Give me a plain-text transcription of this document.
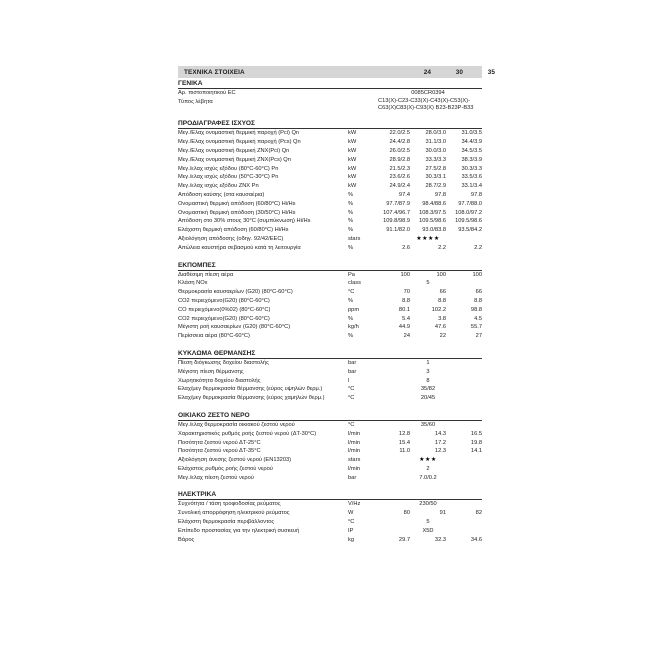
ΤΕΧΝΙΚΑ ΣΤΟΙΧΕΙΑ	24	30	35
ΓΕΝΙΚΑ
Αρ. πιστοποιητικού EC	0085CR0394
Τύπος λέβητα	C13(X)-C23-C33(X)-C43(X)-C53(X)-C63(X)C83(X)-C93(X) B23-B23P-B33
ΠΡΟΔΙΑΓΡΑΦΕΣ ΙΣΧΥΟΣ
Μεγ./Ελαχ ονομαστική θερμική παροχή (Pci) Qn	kW	22.0/2.5	28.0/3.0	31.0/3.5
Μεγ./Ελαχ ονομαστική θερμική παροχή (Pcs) Qn	kW	24.4/2.8	31.1/3.0	34.4/3.9
Μεγ./Ελαχ ονομαστική θερμική ZNX(Pci) Qn	kW	26.0/2.5	30.0/3.0	34.5/3.5
Μεγ./Ελαχ ονομαστική θερμική ZNX(Pcs) Qn	kW	28.9/2.8	33.3/3.3	38.3/3.9
Μεγ./ελαχ ισχύς εξόδου (80°C-60°C) Pn	kW	21.5/2.3	27.5/2.8	30.3/3.3
Μεγ./ελαχ ισχύς εξόδου (50°C-30°C) Pn	kW	23.6/2.6	30.3/3.1	33.5/3.6
Μεγ./ελαχ ισχύς εξόδου ZNX Pn	kW	24.9/2.4	28.7/2.9	33.1/3.4
Απόδοση καύσης (στα καυσαέρια)	%	97.4	97.8	97.8
Ονομαστική θερμική απόδοση (60/80°C) Hi/Hs	%	97.7/87.9	98.4/88.6	97.7/88.0
Ονομαστική θερμική απόδοση (30/50°C) Hi/Hs	%	107.4/96.7	108.3/97.5	108.0/97.2
Απόδοση στο 30% στους 30°C (συμπύκνωση) Hi/Hs	%	109.8/98.9	109.5/98.6	109.5/98.6
Ελάχιστη θερμική απόδοση (60/80°C) Hi/Hs	%	91.1/82.0	93.0/83.8	93.5/84.2
Αξιολόγηση απόδοσης (οδηγ. 92/42/EEC)	stars	★★★★
Απώλεια καυστήρα σεβασμού κατά τη λειτουργία	%	2.6	2.2	2.2
ΕΚΠΟΜΠΕΣ
Διαθέσιμη πίεση αέρα	Pa	100	100	100
Κλάση NOx	class	5
Θερμοκρασία καυσαερίων (G20) (80°C-60°C)	°C	70	66	66
CO2 περιεχόμενο(G20) (80°C-60°C)	%	8.8	8.8	8.8
CO περιεχόμενο(0%02) (80°C-60°C)	ppm	80.1	102.2	98.8
CO2 περιεχόμενο(G20) (80°C-60°C)	%	5.4	3.8	4.5
Μέγιστη ροή καυσαερίων (G20) (80°C-60°C)	kg/h	44.9	47.6	55.7
Περίσσεια αέρα (80°C-60°C)	%	24	22	27
ΚΥΚΛΩΜΑ ΘΕΡΜΑΝΣΗΣ
Πίεση διόγκωσης δοχείου διαστολής	bar	1
Μέγιστη πίεση θέρμανσης	bar	3
Χωρητικότητα δοχείου διαστολής	l	8
Ελαχ/μεγ θερμοκρασία θέρμανσης (εύρος υψηλών θερμ.)	°C	35/82
Ελαχ/μεγ θερμοκρασία θέρμανσης (εύρος χαμηλών θερμ.)	°C	20/45
ΟΙΚΙΑΚΟ ΖΕΣΤΟ ΝΕΡΟ
Μεγ./ελαχ θερμοκρασία οικιακού ζεστού νερού	°C	35/60
Χαρακτηριστικός ρυθμός ροής ζεστού νερού (ΔT-30°C)	l/min	12.8	14.3	16.5
Ποσότητα ζεστού νερού ΔT-25°C	l/min	15.4	17.2	19.8
Ποσότητα ζεστού νερού ΔT-35°C	l/min	11.0	12.3	14.1
Αξιολόγηση άνεσης ζεστού νερού (EN13203)	stars	★★★
Ελάχιστος ρυθμός ροής ζεστού νερού	l/min	2
Μεγ./ελαχ πίεση ζεστού νερού	bar	7.0/0.2
ΗΛΕΚΤΡΙΚΑ
Συχνότητα / τάση τροφοδοσίας ρεύματος	V/Hz	230/50
Συνολική απορρόφηση ηλεκτρικού ρεύματος	W	80	91	82
Ελάχιστη θερμοκρασία περιβάλλοντος	°C	5
Επίπεδο προστασίας για την ηλεκτρική συσκευή	IP	X5D
Βάρος	kg	29.7	32.3	34.6
